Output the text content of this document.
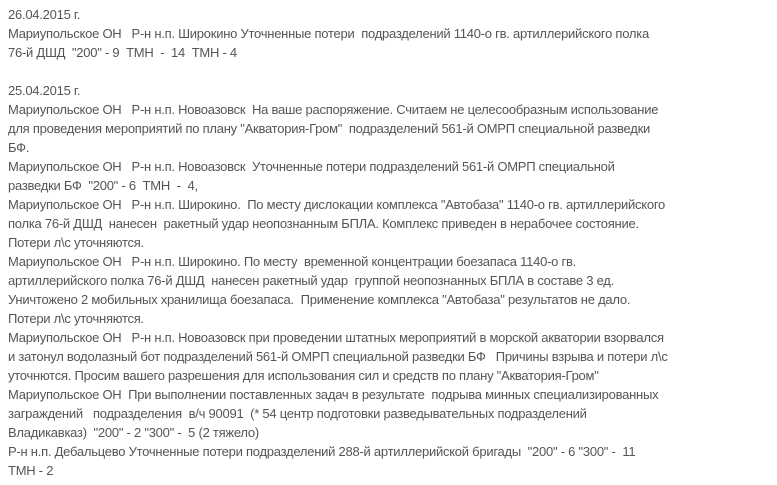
26.04.2015 г.
Мариупольское ОН   Р-н н.п. Широкино Уточненные потери  подразделений 1140-о гв. артиллерийского полка
76-й ДШД  "200" - 9  ТМН  -  14  ТМН - 4
25.04.2015 г.
Мариупольское ОН   Р-н н.п. Новоазовск  На ваше распоряжение. Считаем не целесообразным использование
для проведения мероприятий по плану "Акватория-Гром"  подразделений 561-й ОМРП специальной разведки
БФ.
Мариупольское ОН   Р-н н.п. Новоазовск  Уточненные потери подразделений 561-й ОМРП специальной
разведки БФ  "200" - 6  ТМН  -  4,
Мариупольское ОН   Р-н н.п. Широкино.  По месту дислокации комплекса "Автобаза" 1140-о гв. артиллерийского
полка 76-й ДШД  нанесен  ракетный удар неопознанным БПЛА. Комплекс приведен в нерабочее состояние.
Потери л\с уточняются.
Мариупольское ОН   Р-н н.п. Широкино. По месту  временной концентрации боезапаса 1140-о гв.
артиллерийского полка 76-й ДШД  нанесен ракетный удар  группой неопознанных БПЛА в составе 3 ед.
Уничтожено 2 мобильных хранилища боезапаса.  Применение комплекса "Автобаза" результатов не дало.
Потери л\с уточняются.
Мариупольское ОН   Р-н н.п. Новоазовск при проведении штатных мероприятий в морской акватории взорвался
и затонул водолазный бот подразделений 561-й ОМРП специальной разведки БФ   Причины взрыва и потери л\с
уточнются. Просим вашего разрешения для использования сил и средств по плану "Акватория-Гром"
Мариупольское ОН  При выполнении поставленных задач в результате  подрыва минных специализированных
заграждений   подразделения  в/ч 90091  (* 54 центр подготовки разведывательных подразделений
Владикавказ)  "200" - 2 "300" -  5 (2 тяжело)
Р-н н.п. Дебальцево Уточненные потери подразделений 288-й артиллерийской бригады  "200" - 6 "300" -  11
ТМН - 2
